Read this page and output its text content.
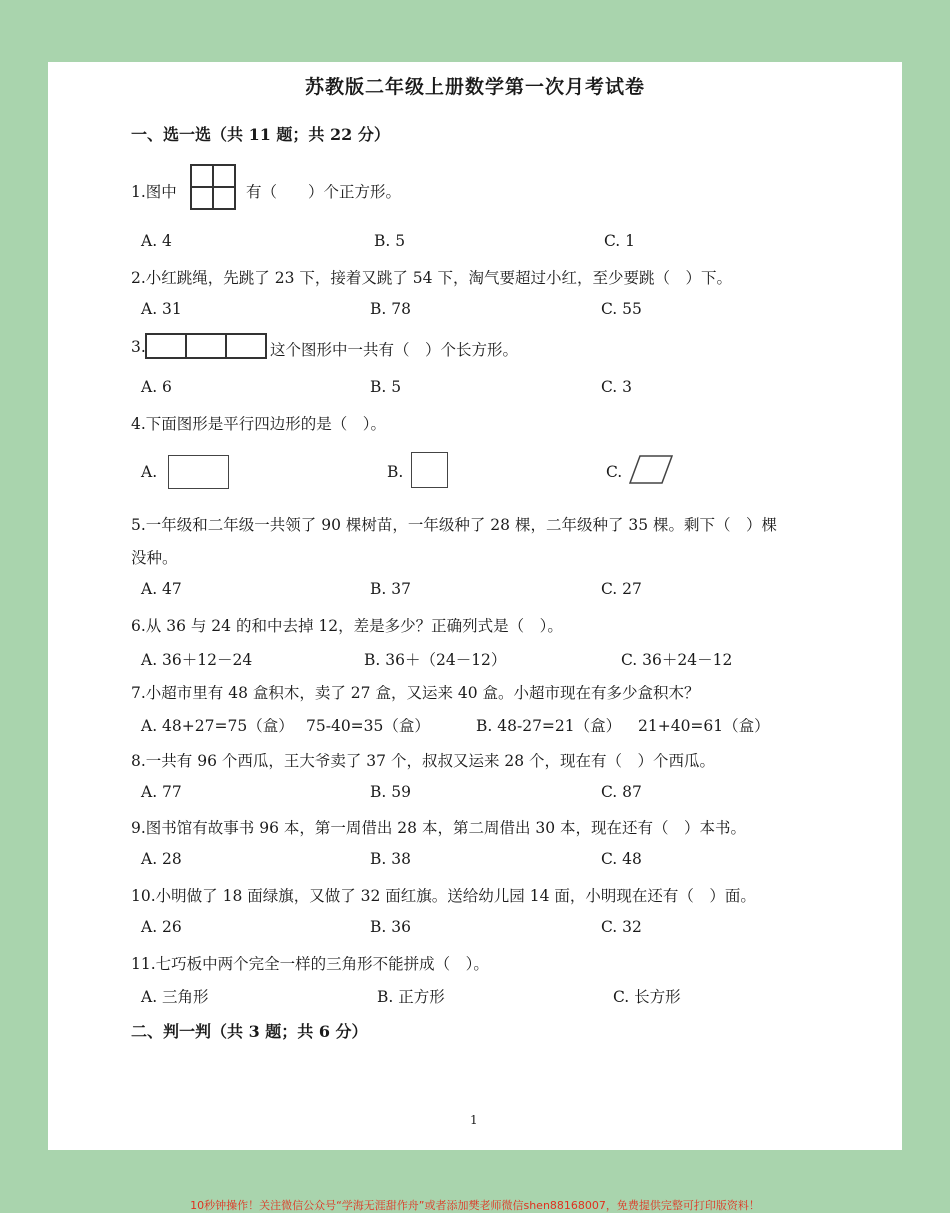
苏教版二年级上册数学第一次月考试卷
一、选一选（共 11 题；共 22 分）
1.图中	有（　　）个正方形。
A. 4	B. 5	C. 1
2.小红跳绳，先跳了 23 下，接着又跳了 54 下，淘气要超过小红，至少要跳（　）下。
A. 31	B. 78	C. 55
3.	这个图形中一共有（　）个长方形。
A. 6	B. 5	C. 3
4.下面图形是平行四边形的是（　）。
A.	B.	C.
5.一年级和二年级一共领了 90 棵树苗，一年级种了 28 棵，二年级种了 35 棵。剩下（　）棵
没种。
A. 47	B. 37	C. 27
6.从 36 与 24 的和中去掉 12，差是多少？正确列式是（　）。
A. 36＋12－24	B. 36＋（24－12）	C. 36＋24－12
7.小超市里有 48 盒积木，卖了 27 盒，又运来 40 盒。小超市现在有多少盒积木？
A. 48+27=75（盒） 75-40=35（盒）	B. 48-27=21（盒） 21+40=61（盒）
8.一共有 96 个西瓜，王大爷卖了 37 个，叔叔又运来 28 个，现在有（　）个西瓜。
A. 77	B. 59	C. 87
9.图书馆有故事书 96 本，第一周借出 28 本，第二周借出 30 本，现在还有（　）本书。
A. 28	B. 38	C. 48
10.小明做了 18 面绿旗，又做了 32 面红旗。送给幼儿园 14 面，小明现在还有（　）面。
A. 26	B. 36	C. 32
11.七巧板中两个完全一样的三角形不能拼成（　）。
A. 三角形	B. 正方形	C. 长方形
二、判一判（共 3 题；共 6 分）
1
10秒钟操作！关注微信公众号“学海无涯甜作舟”或者添加樊老师微信shen88168007，免费提供完整可打印版资料！
